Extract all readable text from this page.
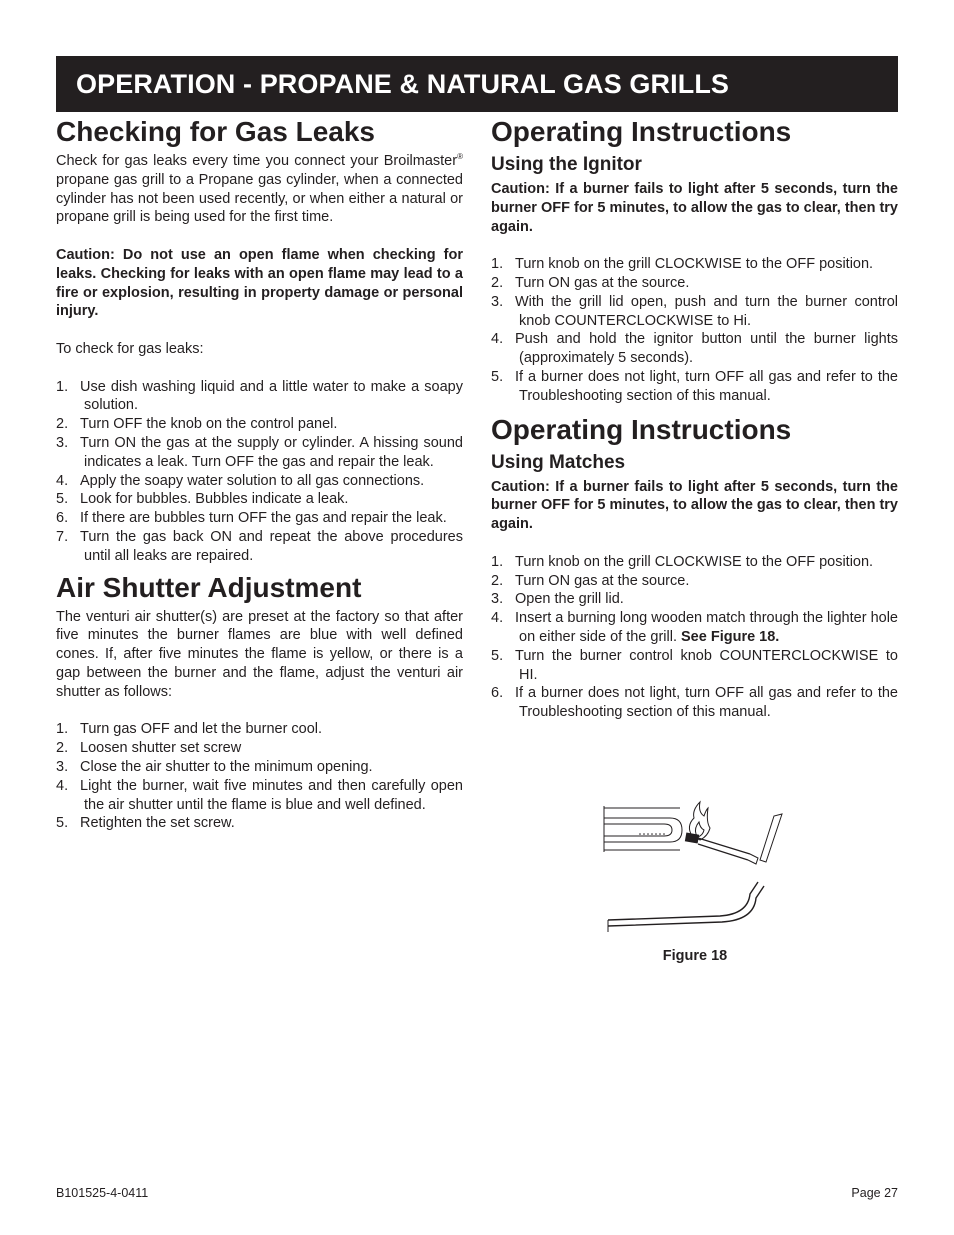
OPERATION - PROPANE & NATURAL GAS GRILLS
Checking for Gas Leaks

Check for gas leaks every time you connect your Broilmaster® propane gas grill to a Propane gas cylinder, when a connected cylinder has not been used recently, or when either a natural or propane grill is being used for the first time.

Caution: Do not use an open flame when checking for leaks. Checking for leaks with an open flame may lead to a fire or explosion, resulting in property damage or personal injury.

To check for gas leaks:

1. Use dish washing liquid and a little water to make a soapy solution.
2. Turn OFF the knob on the control panel.
3. Turn ON the gas at the supply or cylinder. A hissing sound indicates a leak. Turn OFF the gas and repair the leak.
4. Apply the soapy water solution to all gas connections.
5. Look for bubbles. Bubbles indicate a leak.
6. If there are bubbles turn OFF the gas and repair the leak.
7. Turn the gas back ON and repeat the above procedures until all leaks are repaired.
Air Shutter Adjustment

The venturi air shutter(s) are preset at the factory so that after five minutes the burner flames are blue with well defined cones. If, after five minutes the flame is yellow, or there is a gap between the burner and the flame, adjust the venturi air shutter as follows:

1. Turn gas OFF and let the burner cool.
2. Loosen shutter set screw
3. Close the air shutter to the minimum opening.
4. Light the burner, wait five minutes and then carefully open the air shutter until the flame is blue and well defined.
5. Retighten the set screw.
Operating Instructions
Using the Ignitor

Caution: If a burner fails to light after 5 seconds, turn the burner OFF for 5 minutes, to allow the gas to clear, then try again.

1. Turn knob on the grill CLOCKWISE to the OFF position.
2. Turn ON gas at the source.
3. With the grill lid open, push and turn the burner control knob COUNTERCLOCKWISE to Hi.
4. Push and hold the ignitor button until the burner lights (approximately 5 seconds).
5. If a burner does not light, turn OFF all gas and refer to the Troubleshooting section of this manual.
Operating Instructions
Using Matches

Caution: If a burner fails to light after 5 seconds, turn the burner OFF for 5 minutes, to allow the gas to clear, then try again.

1. Turn knob on the grill CLOCKWISE to the OFF position.
2. Turn ON gas at the source.
3. Open the grill lid.
4. Insert a burning long wooden match through the lighter hole on either side of the grill. See Figure 18.
5. Turn the burner control knob COUNTERCLOCKWISE to HI.
6. If a burner does not light, turn OFF all gas and refer to the Troubleshooting section of this manual.
Figure 18
B101525-4-0411	Page 27
